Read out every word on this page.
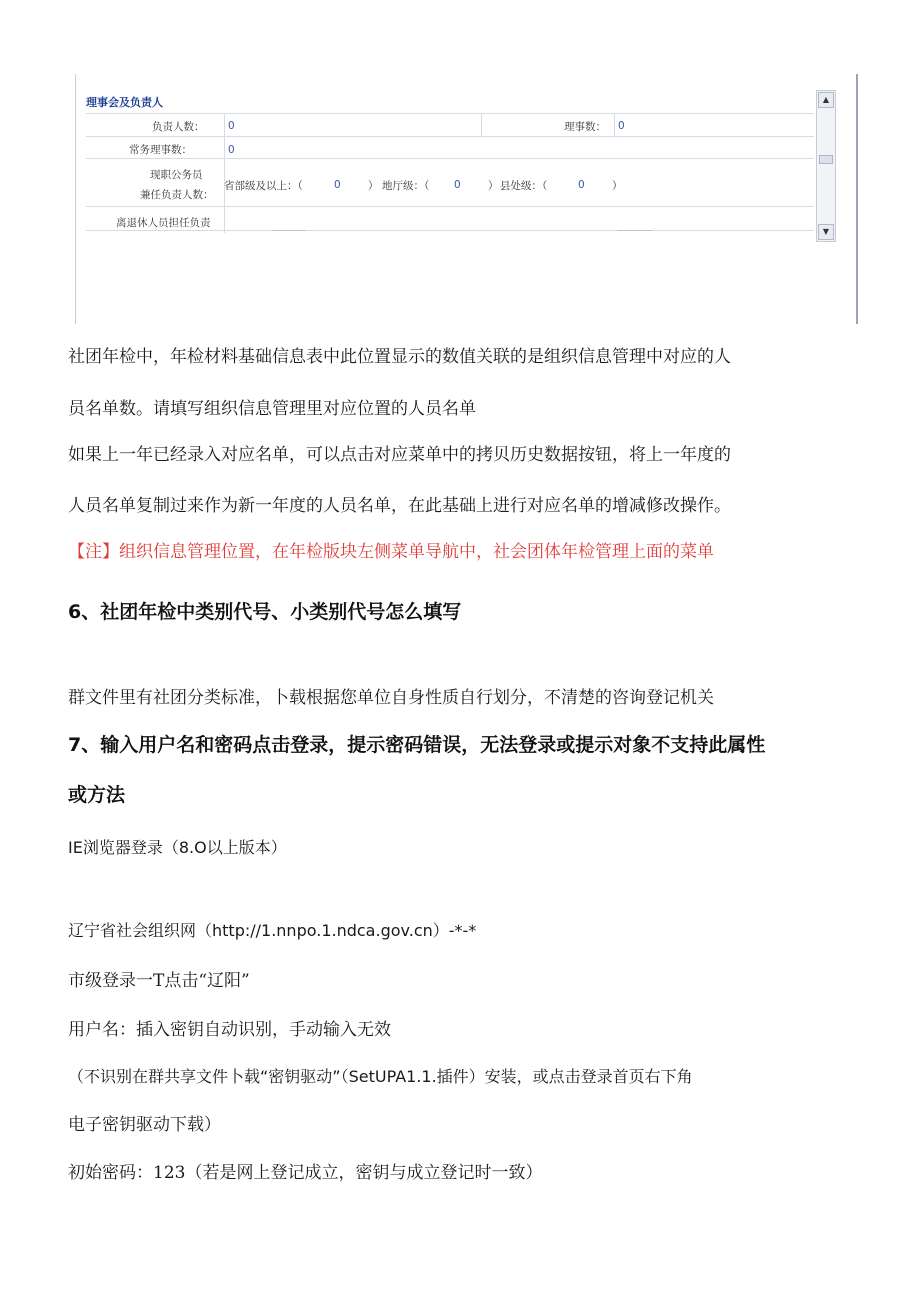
理事会及负责人
负责人数： 0	理事数： 0
常务理事数：	0
现职公务员
兼任负责人数：
省部级及以上：（	0	） 地厅级：（ 0	） 县处级：（	0	）
离退休人员担任负责
▲
▼

社团年检中，年检材料基础信息表中此位置显示的数值关联的是组织信息管理中对应的人

员名单数。请填写组织信息管理里对应位置的人员名单

如果上一年已经录入对应名单，可以点击对应菜单中的拷贝历史数据按钮，将上一年度的

人员名单复制过来作为新一年度的人员名单，在此基础上进行对应名单的增减修改操作。

【注】组织信息管理位置，在年检版块左侧菜单导航中，社会团体年检管理上面的菜单

6、社团年检中类别代号、小类别代号怎么填写

群文件里有社团分类标准，卜载根据您单位自身性质自行划分，不清楚的咨询登记机关

7、输入用户名和密码点击登录，提示密码错误，无法登录或提示对象不支持此属性
或方法

IE浏览器登录（8.O以上版本）

辽宁省社会组织网（http://1.nnpo.1.ndca.gov.cn）-*-*

市级登录一T点击“辽阳”

用户名：插入密钥自动识别，手动输入无效

（不识别在群共享文件卜载“密钥驱动”（SetUPA1.1.插件）安装，或点击登录首页右下角

电子密钥驱动下载）

初始密码：123（若是网上登记成立，密钥与成立登记时一致）
